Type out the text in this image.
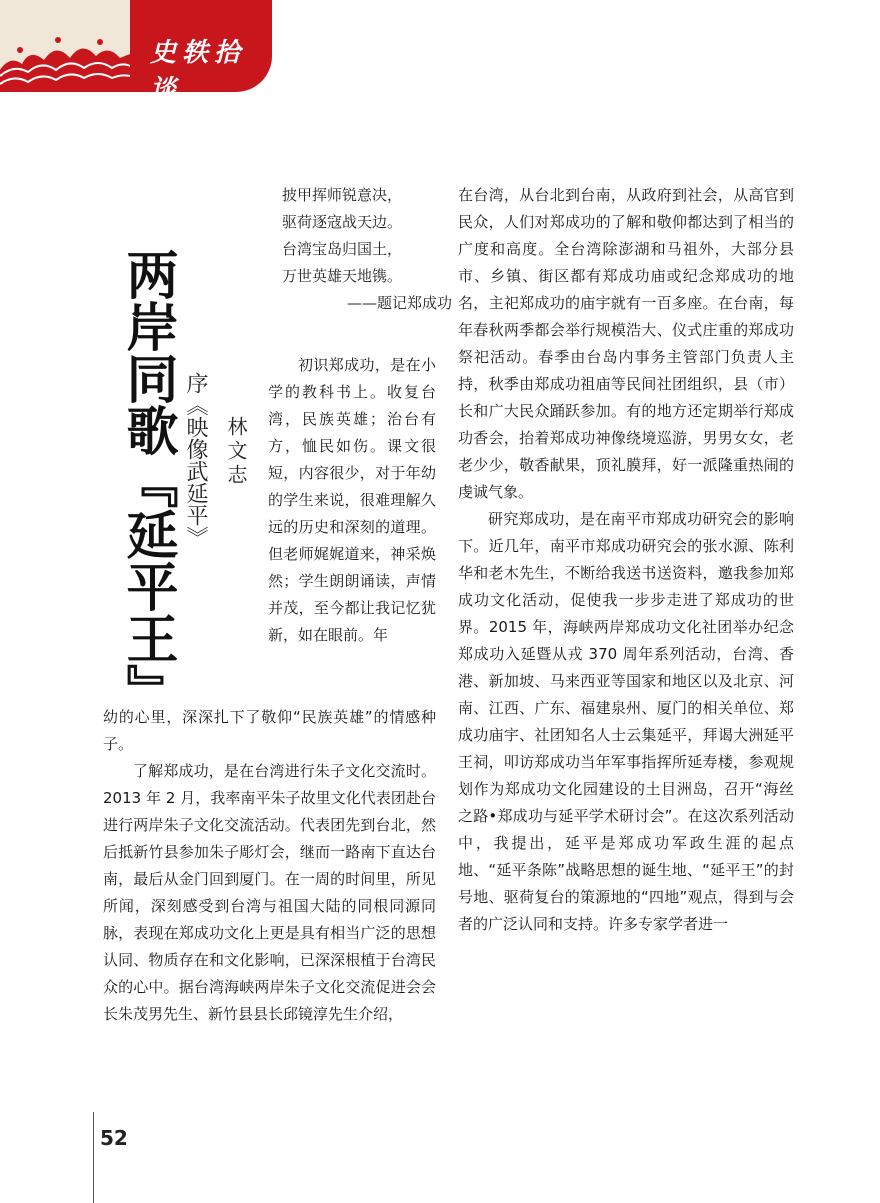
史轶拾谈
两岸同歌『延平王』 序《映像武延平》 林文志
披甲挥师锐意决，
驱荷逐寇战天边。
台湾宝岛归国土，
万世英雄天地镌。
——题记郑成功

初识郑成功，是在小学的教科书上。收复台湾，民族英雄；治台有方，恤民如伤。课文很短，内容很少，对于年幼的学生来说，很难理解久远的历史和深刻的道理。但老师娓娓道来，神采焕然；学生朗朗诵读，声情并茂，至今都让我记忆犹新，如在眼前。年

幼的心里，深深扎下了敬仰“民族英雄”的情感种子。

了解郑成功，是在台湾进行朱子文化交流时。2013 年 2 月，我率南平朱子故里文化代表团赴台进行两岸朱子文化交流活动。代表团先到台北，然后抵新竹县参加朱子彫灯会，继而一路南下直达台南，最后从金门回到厦门。在一周的时间里，所见所闻，深刻感受到台湾与祖国大陆的同根同源同脉，表现在郑成功文化上更是具有相当广泛的思想认同、物质存在和文化影响，已深深根植于台湾民众的心中。据台湾海峡两岸朱子文化交流促进会会长朱茂男先生、新竹县县长邱镜淳先生介绍，

在台湾，从台北到台南，从政府到社会，从高官到民众，人们对郑成功的了解和敬仰都达到了相当的广度和高度。全台湾除澎湖和马祖外，大部分县市、乡镇、街区都有郑成功庙或纪念郑成功的地名，主祀郑成功的庙宇就有一百多座。在台南，每年春秋两季都会举行规模浩大、仪式庄重的郑成功祭祀活动。春季由台岛内事务主管部门负责人主持，秋季由郑成功祖庙等民间社团组织，县（市）长和广大民众踊跃参加。有的地方还定期举行郑成功香会，抬着郑成功神像绕境巡游，男男女女，老老少少，敬香献果，顶礼膜拜，好一派隆重热闹的虔诚气象。

研究郑成功，是在南平市郑成功研究会的影响下。近几年，南平市郑成功研究会的张水源、陈利华和老木先生，不断给我送书送资料，邀我参加郑成功文化活动，促使我一步步走进了郑成功的世界。2015 年，海峡两岸郑成功文化社团举办纪念郑成功入延暨从戎 370 周年系列活动，台湾、香港、新加坡、马来西亚等国家和地区以及北京、河南、江西、广东、福建泉州、厦门的相关单位、郑成功庙宇、社团知名人士云集延平，拜谒大洲延平王祠，叩访郑成功当年军事指挥所延寿楼，参观规划作为郑成功文化园建设的土目洲岛，召开“海丝之路•郑成功与延平学术研讨会”。在这次系列活动中，我提出，延平是郑成功军政生涯的起点地、“延平条陈”战略思想的诞生地、“延平王”的封号地、驱荷复台的策源地的“四地”观点，得到与会者的广泛认同和支持。许多专家学者进一

52
